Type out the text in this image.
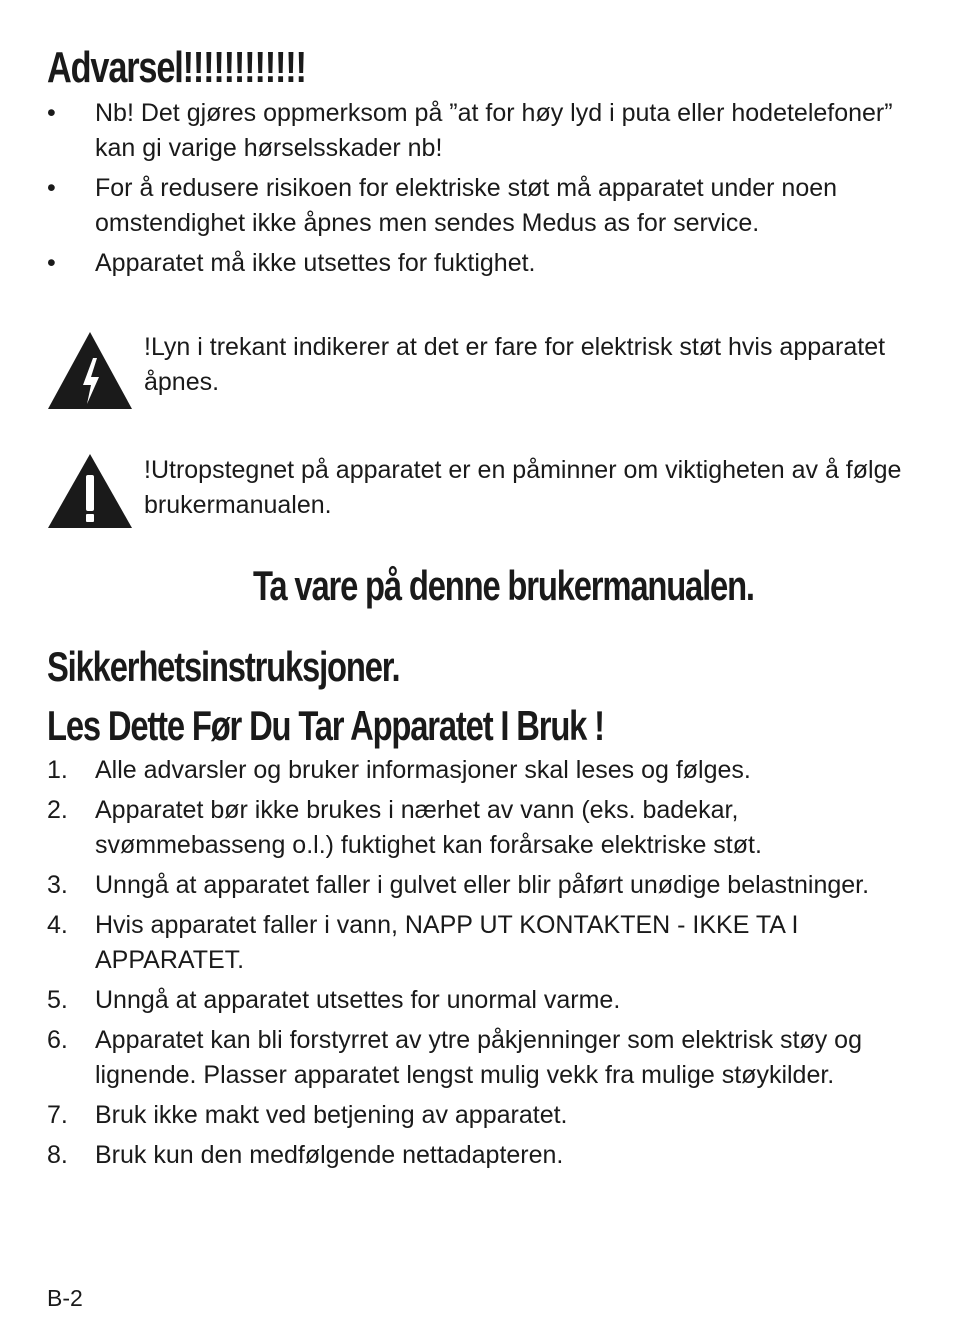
Advarsel!!!!!!!!!!!!
•	Nb! Det gjøres oppmerksom på ”at for høy lyd i puta eller hodetelefoner” kan gi varige hørselsskader nb!
•	For å redusere risikoen for elektriske støt må apparatet under noen omstendighet ikke åpnes men sendes Medus as for service.
•	Apparatet må ikke utsettes for fuktighet.
!Lyn i trekant indikerer at det er fare for elektrisk støt hvis apparatet åpnes.
!Utropstegnet på apparatet er en påminner om viktigheten av å følge brukermanualen.
Ta vare på denne brukermanualen.
Sikkerhetsinstruksjoner.
Les Dette Før Du Tar Apparatet I Bruk !
1.	Alle advarsler og bruker informasjoner skal leses og følges.
2.	Apparatet bør ikke brukes i nærhet av vann (eks. badekar, svømmebasseng o.l.) fuktighet kan forårsake elektriske støt.
3.	Unngå at apparatet faller i gulvet eller blir påført unødige belastninger.
4.	Hvis apparatet faller i vann, NAPP UT KONTAKTEN - IKKE TA I APPARATET.
5.	Unngå at apparatet utsettes for unormal varme.
6.	Apparatet kan bli forstyrret av ytre påkjenninger som elektrisk støy og lignende. Plasser apparatet lengst mulig vekk fra mulige støykilder.
7.	Bruk ikke makt ved betjening av apparatet.
8.	Bruk kun den medfølgende nettadapteren.
B-2
